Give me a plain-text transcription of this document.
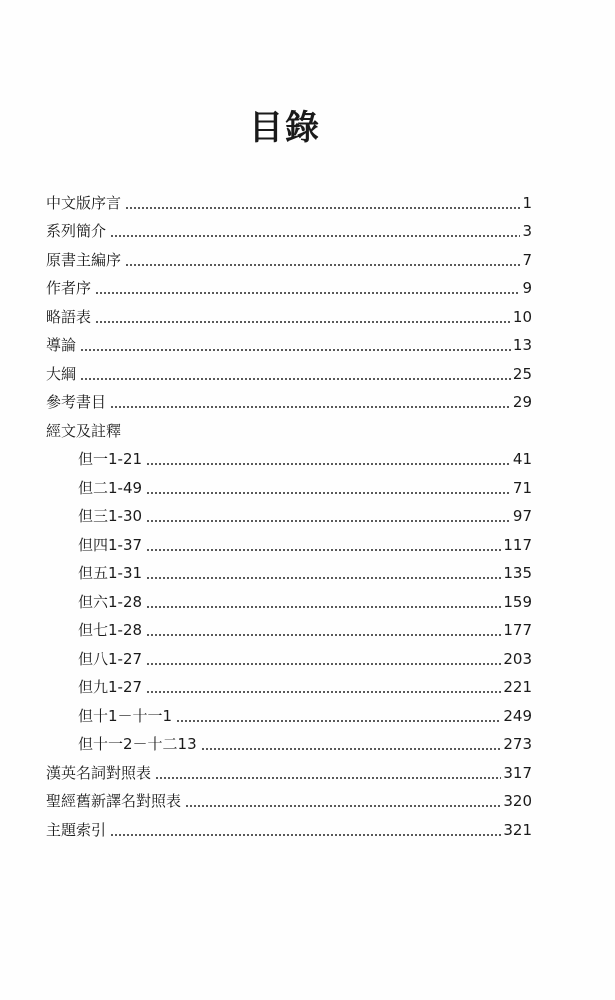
目錄
中文版序言	1
系列簡介	3
原書主編序	7
作者序	9
略語表	10
導論	13
大綱	25
參考書目	29
經文及註釋
但一1-21	41
但二1-49	71
但三1-30	97
但四1-37	117
但五1-31	135
但六1-28	159
但七1-28	177
但八1-27	203
但九1-27	221
但十1－十一1	249
但十一2－十二13	273
漢英名詞對照表	317
聖經舊新譯名對照表	320
主題索引	321
